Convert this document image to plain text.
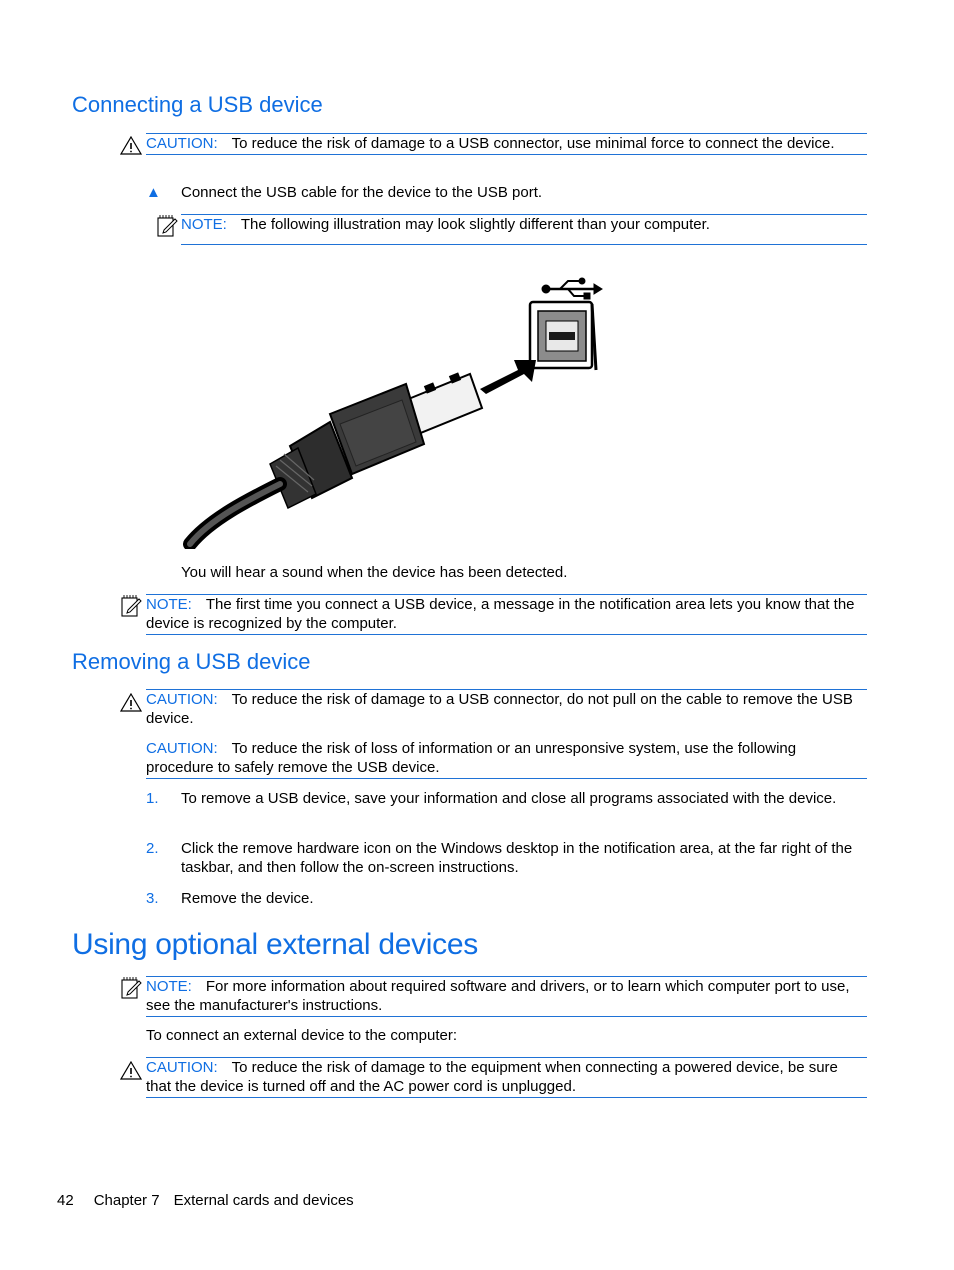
Connecting a USB device
CAUTION: To reduce the risk of damage to a USB connector, use minimal force to connect the device.
▲ Connect the USB cable for the device to the USB port.
NOTE: The following illustration may look slightly different than your computer.
You will hear a sound when the device has been detected.
NOTE: The first time you connect a USB device, a message in the notification area lets you know that the device is recognized by the computer.
Removing a USB device
CAUTION: To reduce the risk of damage to a USB connector, do not pull on the cable to remove the USB device.
CAUTION: To reduce the risk of loss of information or an unresponsive system, use the following procedure to safely remove the USB device.
1. To remove a USB device, save your information and close all programs associated with the device.
2. Click the remove hardware icon on the Windows desktop in the notification area, at the far right of the taskbar, and then follow the on-screen instructions.
3. Remove the device.
Using optional external devices
NOTE: For more information about required software and drivers, or to learn which computer port to use, see the manufacturer's instructions.
To connect an external device to the computer:
CAUTION: To reduce the risk of damage to the equipment when connecting a powered device, be sure that the device is turned off and the AC power cord is unplugged.
42 Chapter 7 External cards and devices
